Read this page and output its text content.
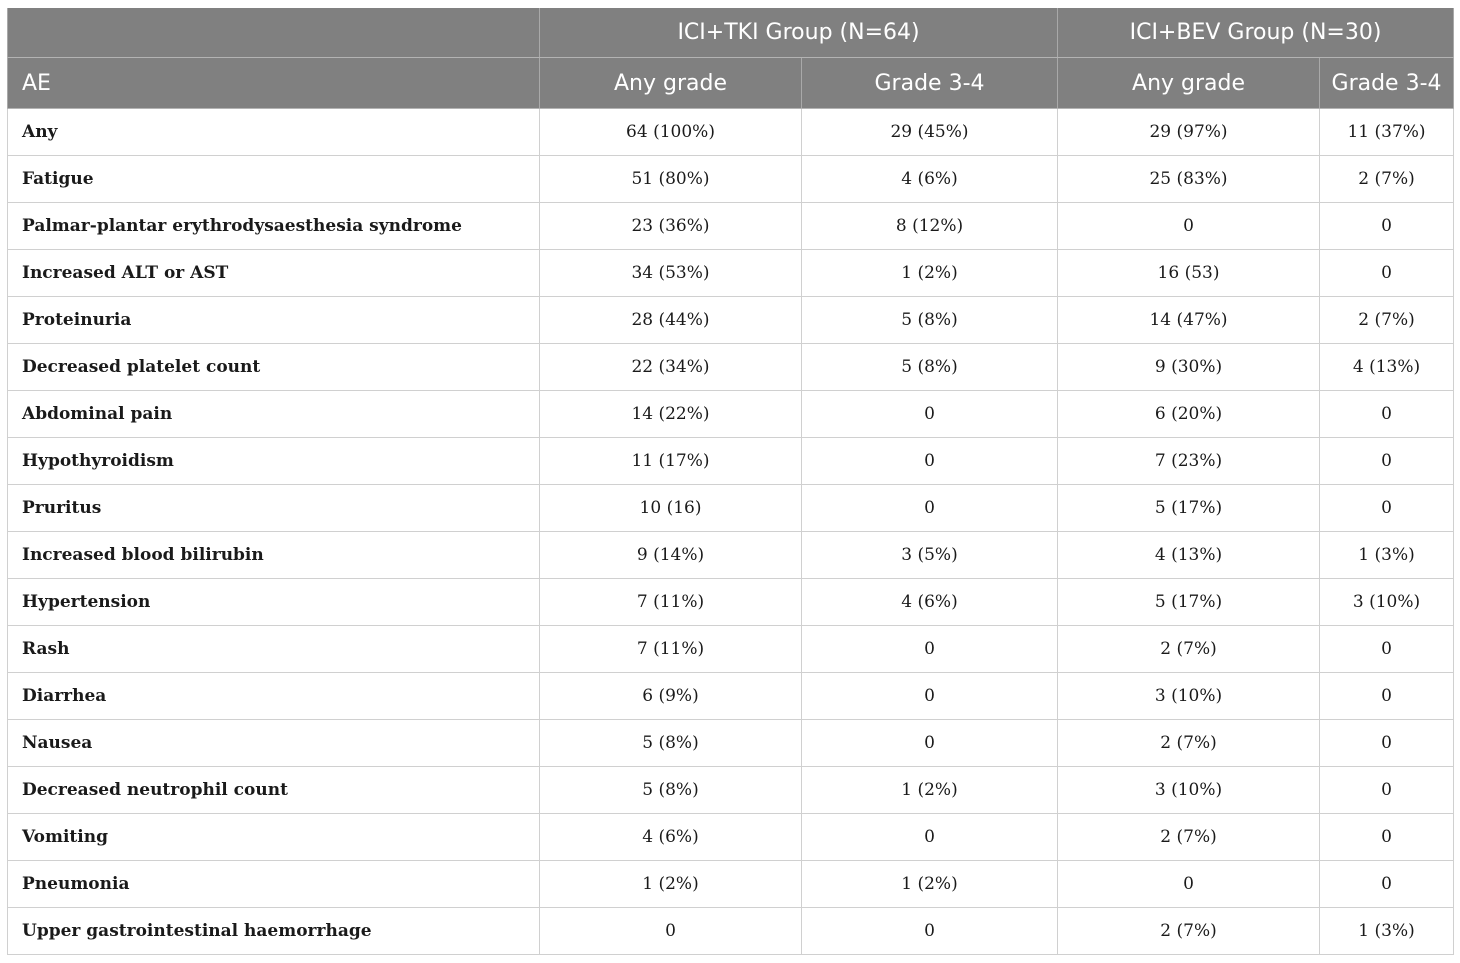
	ICI+TKI Group (N=64)		ICI+BEV Group (N=30)	
AE	Any grade	Grade 3-4	Any grade	Grade 3-4
Any	64 (100%)	29 (45%)	29 (97%)	11 (37%)
Fatigue	51 (80%)	4 (6%)	25 (83%)	2 (7%)
Palmar-plantar erythrodysaesthesia syndrome	23 (36%)	8 (12%)	0	0
Increased ALT or AST	34 (53%)	1 (2%)	16 (53)	0
Proteinuria	28 (44%)	5 (8%)	14 (47%)	2 (7%)
Decreased platelet count	22 (34%)	5 (8%)	9 (30%)	4 (13%)
Abdominal pain	14 (22%)	0	6 (20%)	0
Hypothyroidism	11 (17%)	0	7 (23%)	0
Pruritus	10 (16)	0	5 (17%)	0
Increased blood bilirubin	9 (14%)	3 (5%)	4 (13%)	1 (3%)
Hypertension	7 (11%)	4 (6%)	5 (17%)	3 (10%)
Rash	7 (11%)	0	2 (7%)	0
Diarrhea	6 (9%)	0	3 (10%)	0
Nausea	5 (8%)	0	2 (7%)	0
Decreased neutrophil count	5 (8%)	1 (2%)	3 (10%)	0
Vomiting	4 (6%)	0	2 (7%)	0
Pneumonia	1 (2%)	1 (2%)	0	0
Upper gastrointestinal haemorrhage	0	0	2 (7%)	1 (3%)
